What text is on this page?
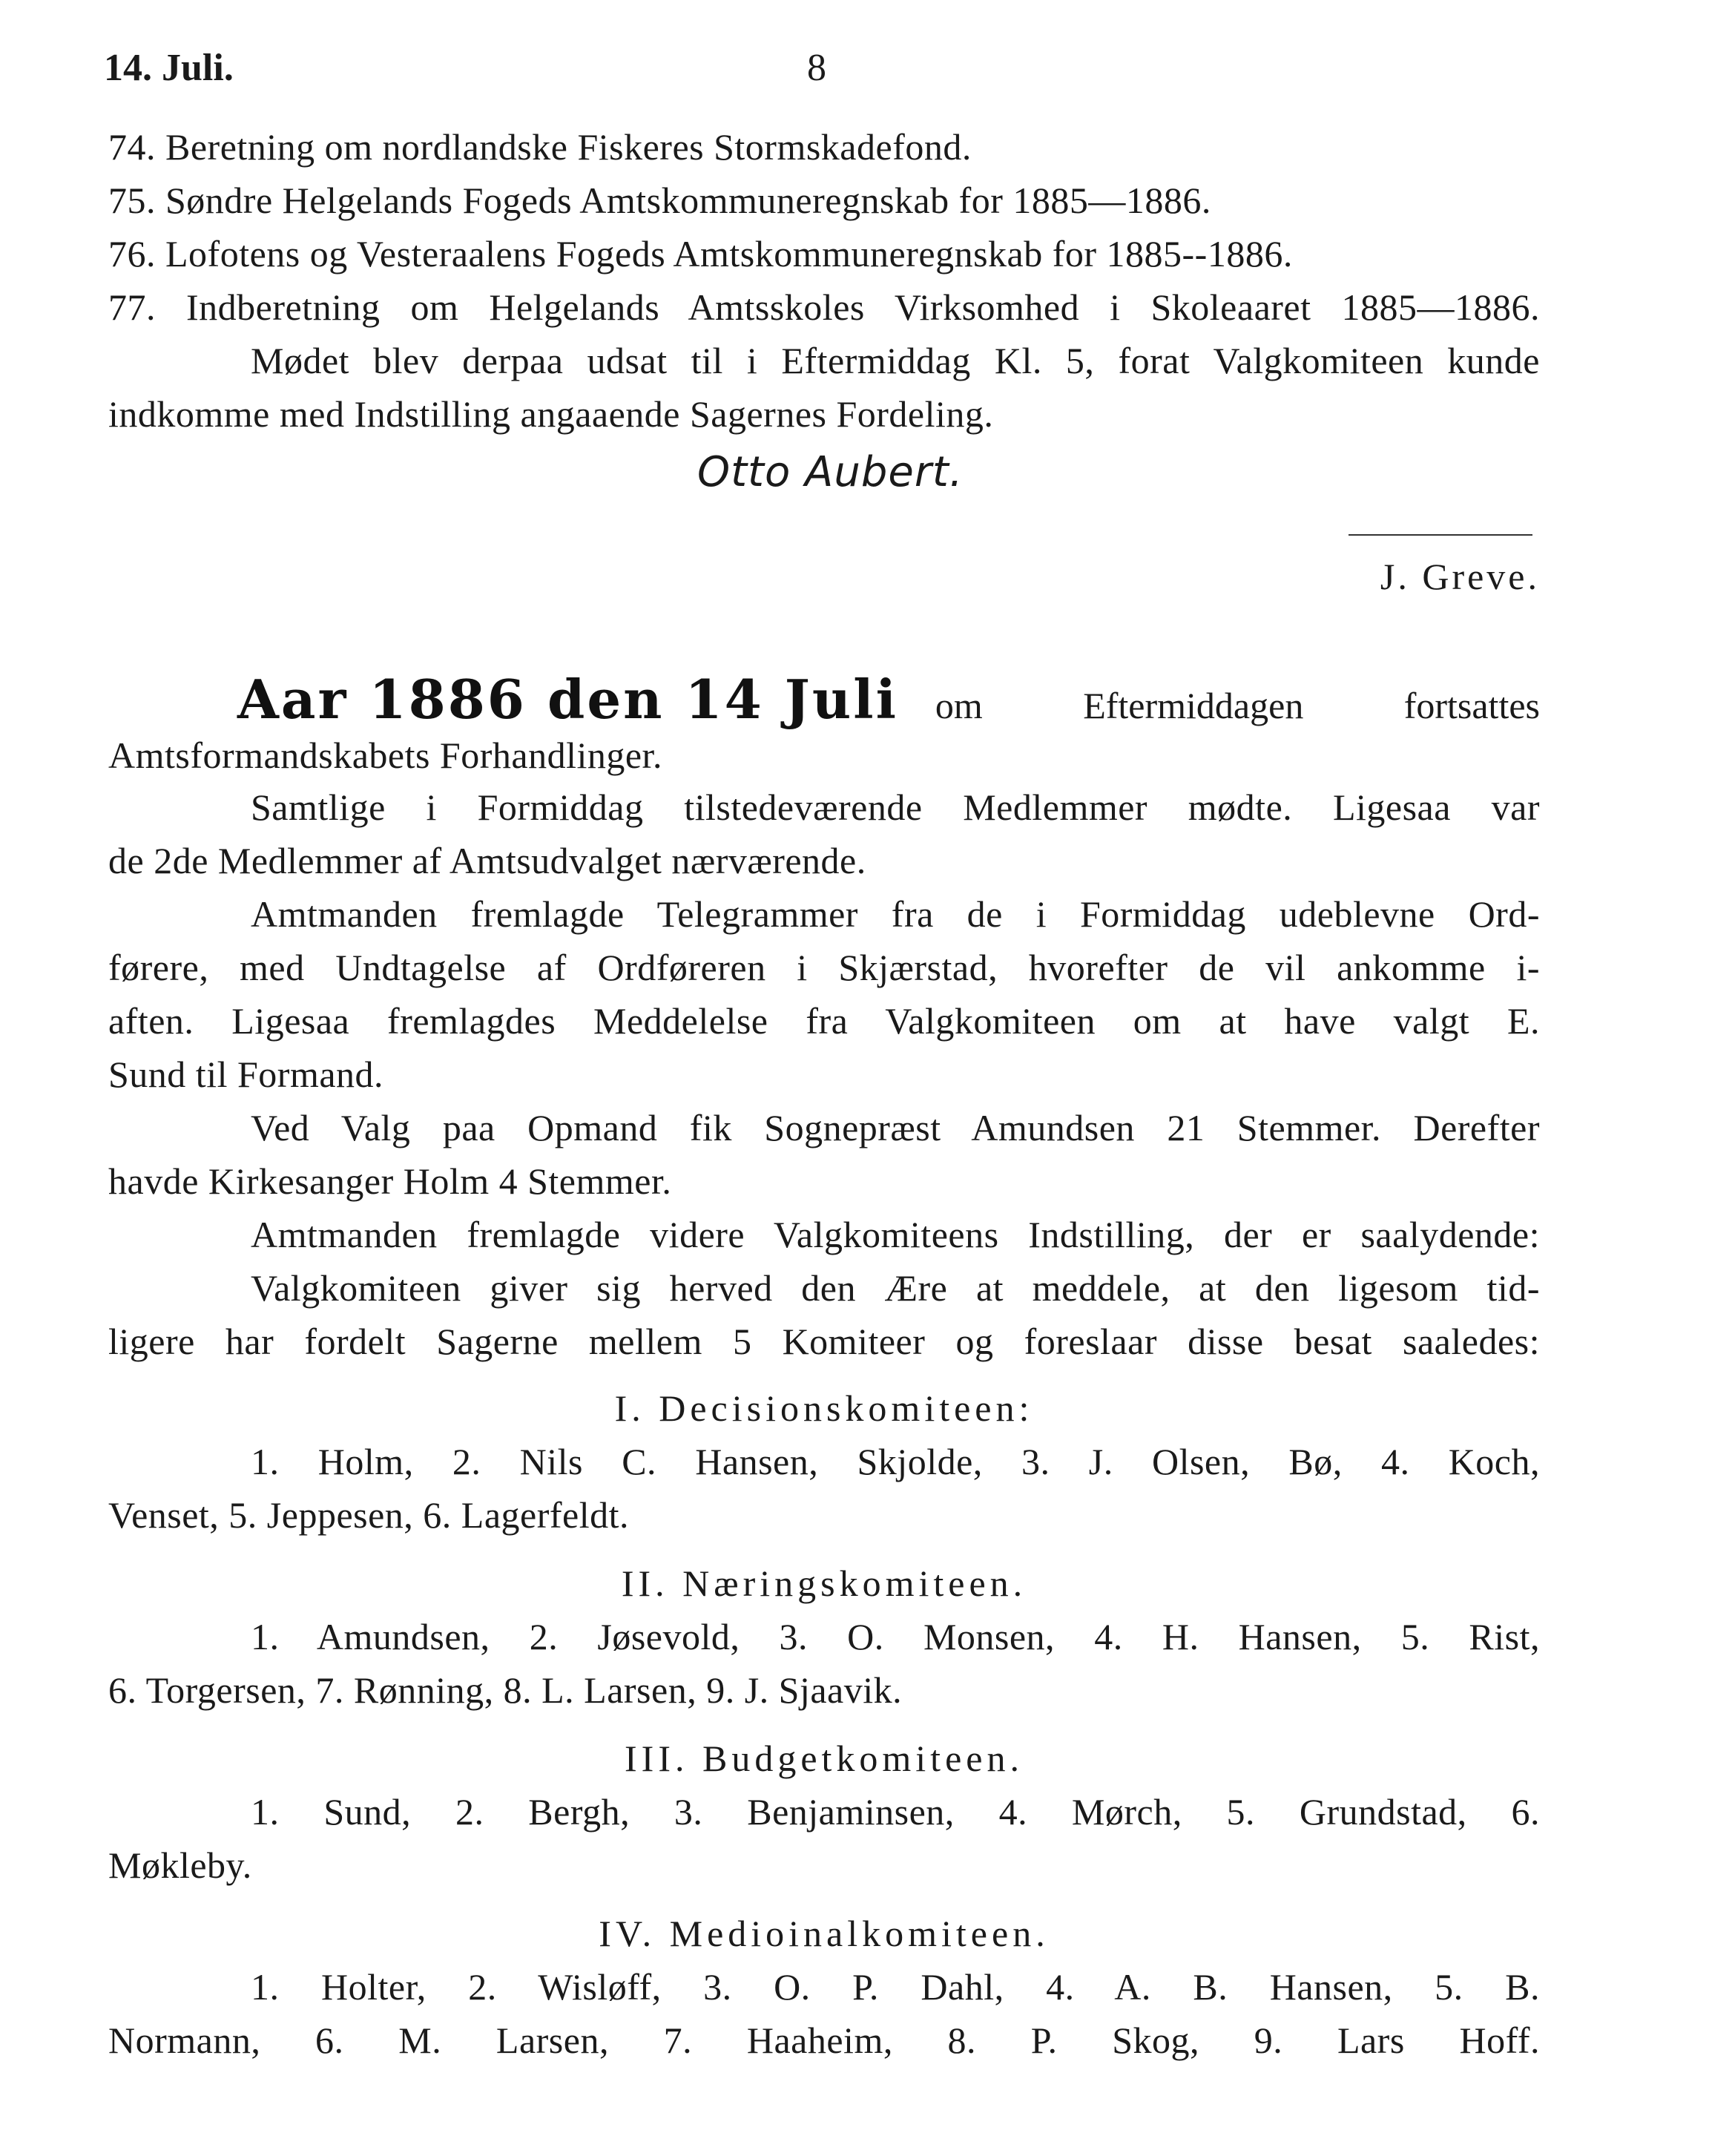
14. Juli.	8
74. Beretning om nordlandske Fiskeres Stormskadefond.
75. Søndre Helgelands Fogeds Amtskommuneregnskab for 1885—1886.
76. Lofotens og Vesteraalens Fogeds Amtskommuneregnskab for 1885--1886.
77. Indberetning om Helgelands Amtsskoles Virksomhed i Skoleaaret 1885—1886.
Mødet blev derpaa udsat til i Eftermiddag Kl. 5, forat Valgkomiteen kunde
indkomme med Indstilling angaaende Sagernes Fordeling.
Otto Aubert.
J. Greve.
Aar 1886 den 14 Juli om	Eftermiddagen	fortsattes
Amtsformandskabets Forhandlinger.
Samtlige i Formiddag tilstedeværende Medlemmer mødte. Ligesaa var
de 2de Medlemmer af Amtsudvalget nærværende.
Amtmanden fremlagde Telegrammer fra de i Formiddag udeblevne Ord-
førere, med Undtagelse af Ordføreren i Skjærstad, hvorefter de vil ankomme i-
aften. Ligesaa fremlagdes Meddelelse fra Valgkomiteen om at have valgt E.
Sund til Formand.
Ved Valg paa Opmand fik Sognepræst Amundsen 21 Stemmer. Derefter
havde Kirkesanger Holm 4 Stemmer.
Amtmanden fremlagde videre Valgkomiteens Indstilling, der er saalydende:
Valgkomiteen giver sig herved den Ære at meddele, at den ligesom tid-
ligere har fordelt Sagerne mellem 5 Komiteer og foreslaar disse besat saaledes:
I. Decisionskomiteen:
1. Holm, 2. Nils C. Hansen, Skjolde, 3. J. Olsen, Bø, 4. Koch,
Venset, 5. Jeppesen, 6. Lagerfeldt.
II. Næringskomiteen.
1. Amundsen, 2. Jøsevold, 3. O. Monsen, 4. H. Hansen, 5. Rist,
6. Torgersen, 7. Rønning, 8. L. Larsen, 9. J. Sjaavik.
III. Budgetkomiteen.
1. Sund, 2. Bergh, 3. Benjaminsen, 4. Mørch, 5. Grundstad, 6.
Møkleby.
IV. Medioinalkomiteen.
1. Holter, 2. Wisløff, 3. O. P. Dahl, 4. A. B. Hansen, 5. B.
Normann, 6. M. Larsen, 7. Haaheim, 8. P. Skog, 9. Lars Hoff.
